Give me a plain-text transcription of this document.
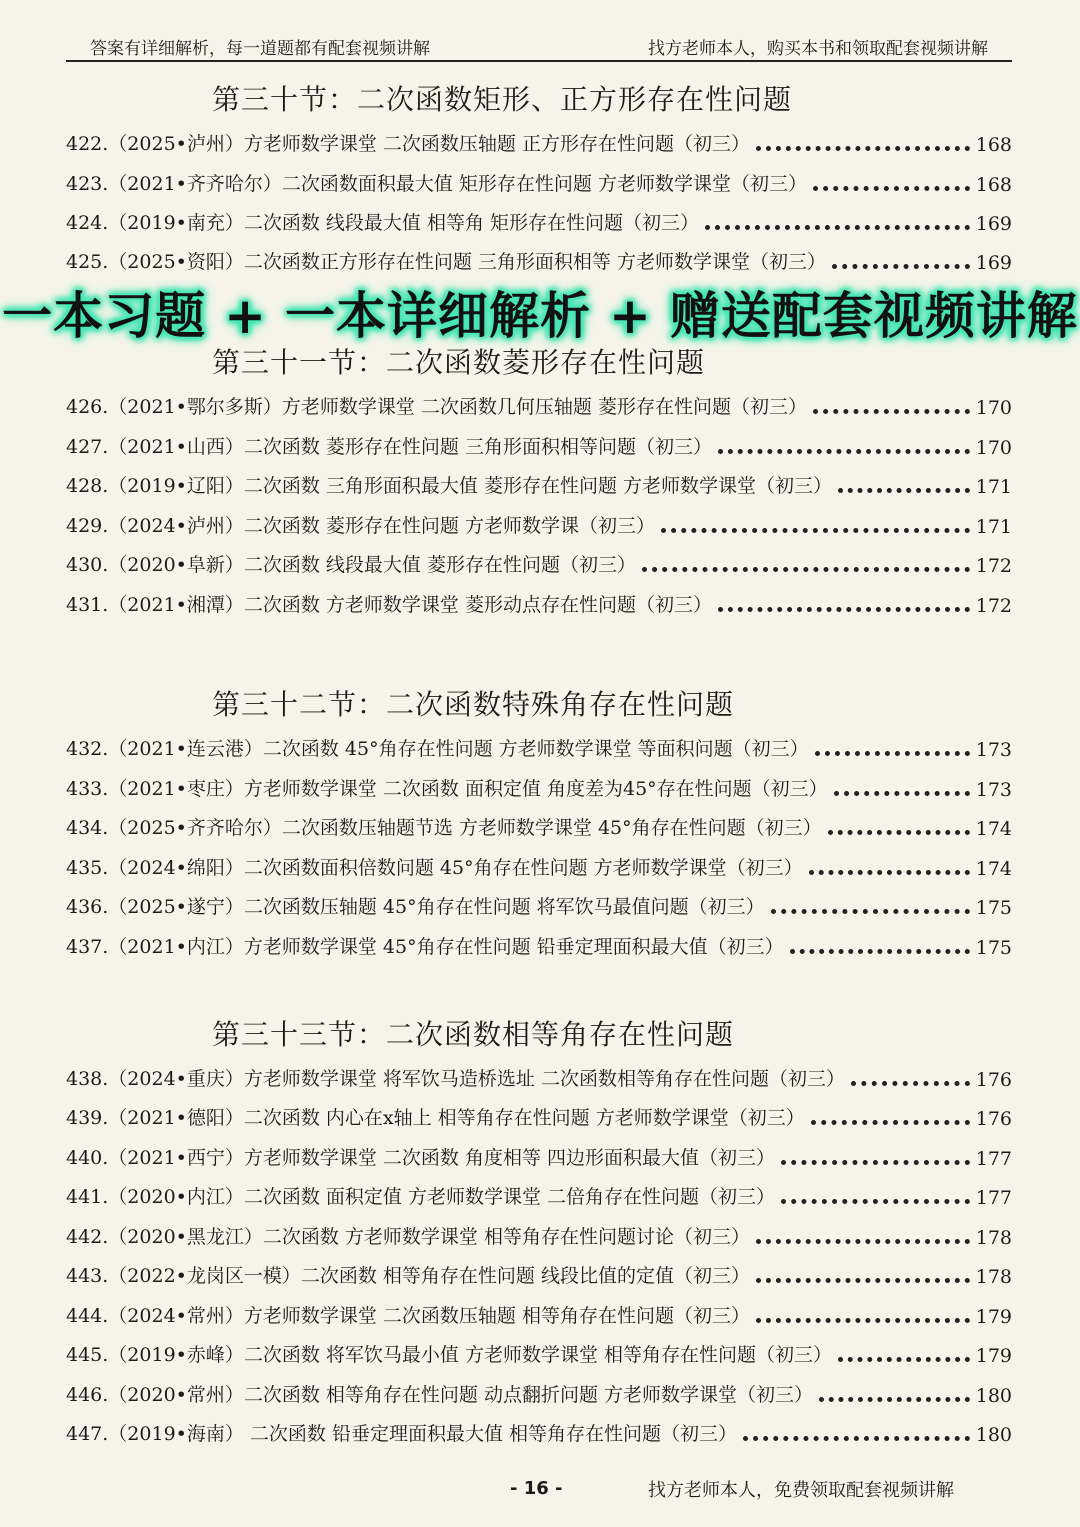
答案有详细解析，每一道题都有配套视频讲解	找方老师本人，购买本书和领取配套视频讲解
第三十节：二次函数矩形、正方形存在性问题
422.（2025•泸州）方老师数学课堂 二次函数压轴题 正方形存在性问题（初三）	168
423.（2021•齐齐哈尔）二次函数面积最大值 矩形存在性问题 方老师数学课堂（初三）	168
424.（2019•南充）二次函数 线段最大值 相等角 矩形存在性问题（初三）	169
425.（2025•资阳）二次函数正方形存在性问题 三角形面积相等 方老师数学课堂（初三）	169
一本习题 + 一本详细解析 + 赠送配套视频讲解
第三十一节：二次函数菱形存在性问题
426.（2021•鄂尔多斯）方老师数学课堂 二次函数几何压轴题 菱形存在性问题（初三）	170
427.（2021•山西）二次函数 菱形存在性问题 三角形面积相等问题（初三）	170
428.（2019•辽阳）二次函数 三角形面积最大值 菱形存在性问题 方老师数学课堂（初三）	171
429.（2024•泸州）二次函数 菱形存在性问题 方老师数学课（初三）	171
430.（2020•阜新）二次函数 线段最大值 菱形存在性问题（初三）	172
431.（2021•湘潭）二次函数 方老师数学课堂 菱形动点存在性问题（初三）	172
第三十二节：二次函数特殊角存在性问题
432.（2021•连云港）二次函数 45°角存在性问题 方老师数学课堂 等面积问题（初三）	173
433.（2021•枣庄）方老师数学课堂 二次函数 面积定值 角度差为45°存在性问题（初三）	173
434.（2025•齐齐哈尔）二次函数压轴题节选 方老师数学课堂 45°角存在性问题（初三）	174
435.（2024•绵阳）二次函数面积倍数问题 45°角存在性问题 方老师数学课堂（初三）	174
436.（2025•遂宁）二次函数压轴题 45°角存在性问题 将军饮马最值问题（初三）	175
437.（2021•内江）方老师数学课堂 45°角存在性问题 铅垂定理面积最大值（初三）	175
第三十三节：二次函数相等角存在性问题
438.（2024•重庆）方老师数学课堂 将军饮马造桥选址 二次函数相等角存在性问题（初三）	176
439.（2021•德阳）二次函数 内心在x轴上 相等角存在性问题 方老师数学课堂（初三）	176
440.（2021•西宁）方老师数学课堂 二次函数 角度相等 四边形面积最大值（初三）	177
441.（2020•内江）二次函数 面积定值 方老师数学课堂 二倍角存在性问题（初三）	177
442.（2020•黑龙江）二次函数 方老师数学课堂 相等角存在性问题讨论（初三）	178
443.（2022•龙岗区一模）二次函数 相等角存在性问题 线段比值的定值（初三）	178
444.（2024•常州）方老师数学课堂 二次函数压轴题 相等角存在性问题（初三）	179
445.（2019•赤峰）二次函数 将军饮马最小值 方老师数学课堂 相等角存在性问题（初三）	179
446.（2020•常州）二次函数 相等角存在性问题 动点翻折问题 方老师数学课堂（初三）	180
447.（2019•海南） 二次函数 铅垂定理面积最大值 相等角存在性问题（初三）	180
- 16 -	找方老师本人，免费领取配套视频讲解
